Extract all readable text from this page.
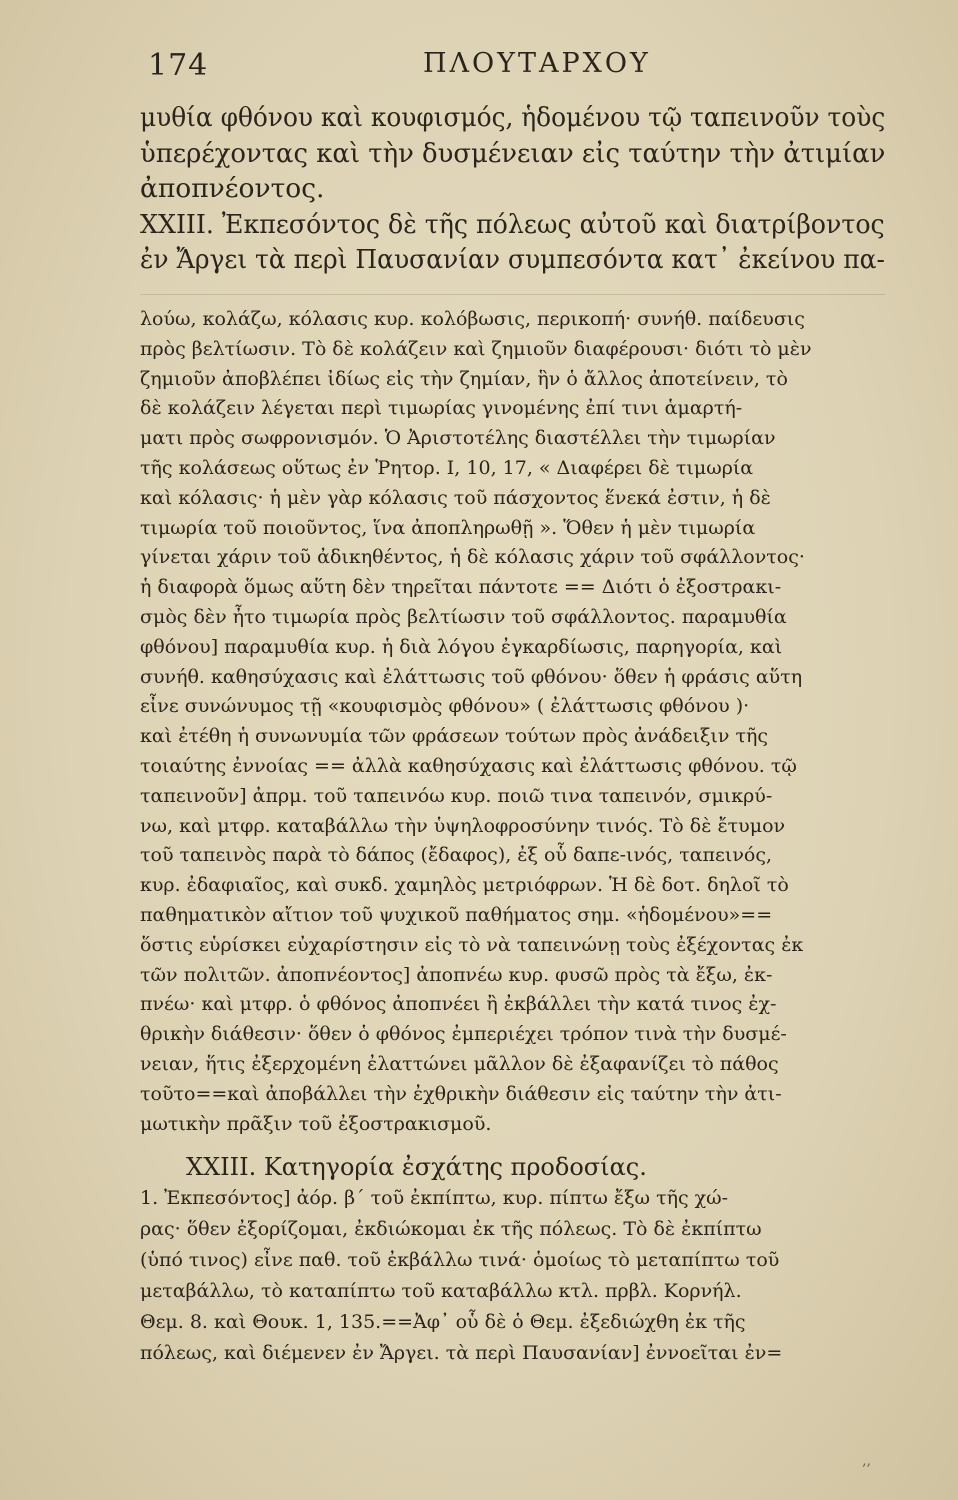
174	ΠΛΟΥΤΑΡΧΟΥ
μυθία φθόνου καὶ κουφισμός, ἡδομένου τῷ ταπεινοῦν τοὺς
ὑπερέχοντας καὶ τὴν δυσμένειαν εἰς ταύτην τὴν ἀτιμίαν
ἀποπνέοντος.
XXIII. Ἐκπεσόντος δὲ τῆς πόλεως αὐτοῦ καὶ διατρίβοντος
ἐν Ἄργει τὰ περὶ Παυσανίαν συμπεσόντα κατ᾽ ἐκείνου πα-
λούω, κολάζω, κόλασις κυρ. κολόβωσις, περικοπή· συνήθ. παίδευσις
πρὸς βελτίωσιν. Τὸ δὲ κολάζειν καὶ ζημιοῦν διαφέρουσι· διότι τὸ μὲν
ζημιοῦν ἀποβλέπει ἰδίως εἰς τὴν ζημίαν, ἣν ὁ ἄλλος ἀποτείνειν, τὸ
δὲ κολάζειν λέγεται περὶ τιμωρίας γινομένης ἐπί τινι ἁμαρτή-
ματι πρὸς σωφρονισμόν. Ὁ Ἀριστοτέλης διαστέλλει τὴν τιμωρίαν
τῆς κολάσεως οὕτως ἐν Ῥητορ. I, 10, 17, « Διαφέρει δὲ τιμωρία
καὶ κόλασις· ἡ μὲν γὰρ κόλασις τοῦ πάσχοντος ἕνεκά ἐστιν, ἡ δὲ
τιμωρία τοῦ ποιοῦντος, ἵνα ἀποπληρωθῇ ». Ὅθεν ἡ μὲν τιμωρία
γίνεται χάριν τοῦ ἀδικηθέντος, ἡ δὲ κόλασις χάριν τοῦ σφάλλοντος·
ἡ διαφορὰ ὅμως αὕτη δὲν τηρεῖται πάντοτε == Διότι ὁ ἐξοστρακι-
σμὸς δὲν ἦτο τιμωρία πρὸς βελτίωσιν τοῦ σφάλλοντος. παραμυθία
φθόνου] παραμυθία κυρ. ἡ διὰ λόγου ἐγκαρδίωσις, παρηγορία, καὶ
συνήθ. καθησύχασις καὶ ἐλάττωσις τοῦ φθόνου· ὅθεν ἡ φράσις αὕτη
εἶνε συνώνυμος τῇ «κουφισμὸς φθόνου» ( ἐλάττωσις φθόνου )·
καὶ ἐτέθη ἡ συνωνυμία τῶν φράσεων τούτων πρὸς ἀνάδειξιν τῆς
τοιαύτης ἐννοίας == ἀλλὰ καθησύχασις καὶ ἐλάττωσις φθόνου. τῷ
ταπεινοῦν] ἀπρμ. τοῦ ταπεινόω κυρ. ποιῶ τινα ταπεινόν, σμικρύ-
νω, καὶ μτφρ. καταβάλλω τὴν ὑψηλοφροσύνην τινός. Τὸ δὲ ἔτυμον
τοῦ ταπεινὸς παρὰ τὸ δάπος (ἔδαφος), ἐξ οὗ δαπε-ινός, ταπεινός,
κυρ. ἐδαφιαῖος, καὶ συκδ. χαμηλὸς μετριόφρων. Ἡ δὲ δοτ. δηλοῖ τὸ
παθηματικὸν αἴτιον τοῦ ψυχικοῦ παθήματος σημ. «ἡδομένου»==
ὅστις εὑρίσκει εὐχαρίστησιν εἰς τὸ νὰ ταπεινώνῃ τοὺς ἐξέχοντας ἐκ
τῶν πολιτῶν. ἀποπνέοντος] ἀποπνέω κυρ. φυσῶ πρὸς τὰ ἔξω, ἐκ-
πνέω· καὶ μτφρ. ὁ φθόνος ἀποπνέει ἢ ἐκβάλλει τὴν κατά τινος ἐχ-
θρικὴν διάθεσιν· ὅθεν ὁ φθόνος ἐμπεριέχει τρόπον τινὰ τὴν δυσμέ-
νειαν, ἥτις ἐξερχομένη ἐλαττώνει μᾶλλον δὲ ἐξαφανίζει τὸ πάθος
τοῦτο==καὶ ἀποβάλλει τὴν ἐχθρικὴν διάθεσιν εἰς ταύτην τὴν ἀτι-
μωτικὴν πρᾶξιν τοῦ ἐξοστρακισμοῦ.
XXIII. Κατηγορία ἐσχάτης προδοσίας.
1. Ἐκπεσόντος] ἀόρ. β´ τοῦ ἐκπίπτω, κυρ. πίπτω ἔξω τῆς χώ-
ρας· ὅθεν ἐξορίζομαι, ἐκδιώκομαι ἐκ τῆς πόλεως. Τὸ δὲ ἐκπίπτω
(ὑπό τινος) εἶνε παθ. τοῦ ἐκβάλλω τινά· ὁμοίως τὸ μεταπίπτω τοῦ
μεταβάλλω, τὸ καταπίπτω τοῦ καταβάλλω κτλ. πρβλ. Κορνήλ.
Θεμ. 8. καὶ Θουκ. 1, 135.==Ἀφ᾽ οὗ δὲ ὁ Θεμ. ἐξεδιώχθη ἐκ τῆς
πόλεως, καὶ διέμενεν ἐν Ἄργει. τὰ περὶ Παυσανίαν] ἐννοεῖται ἐν=
‚‚
